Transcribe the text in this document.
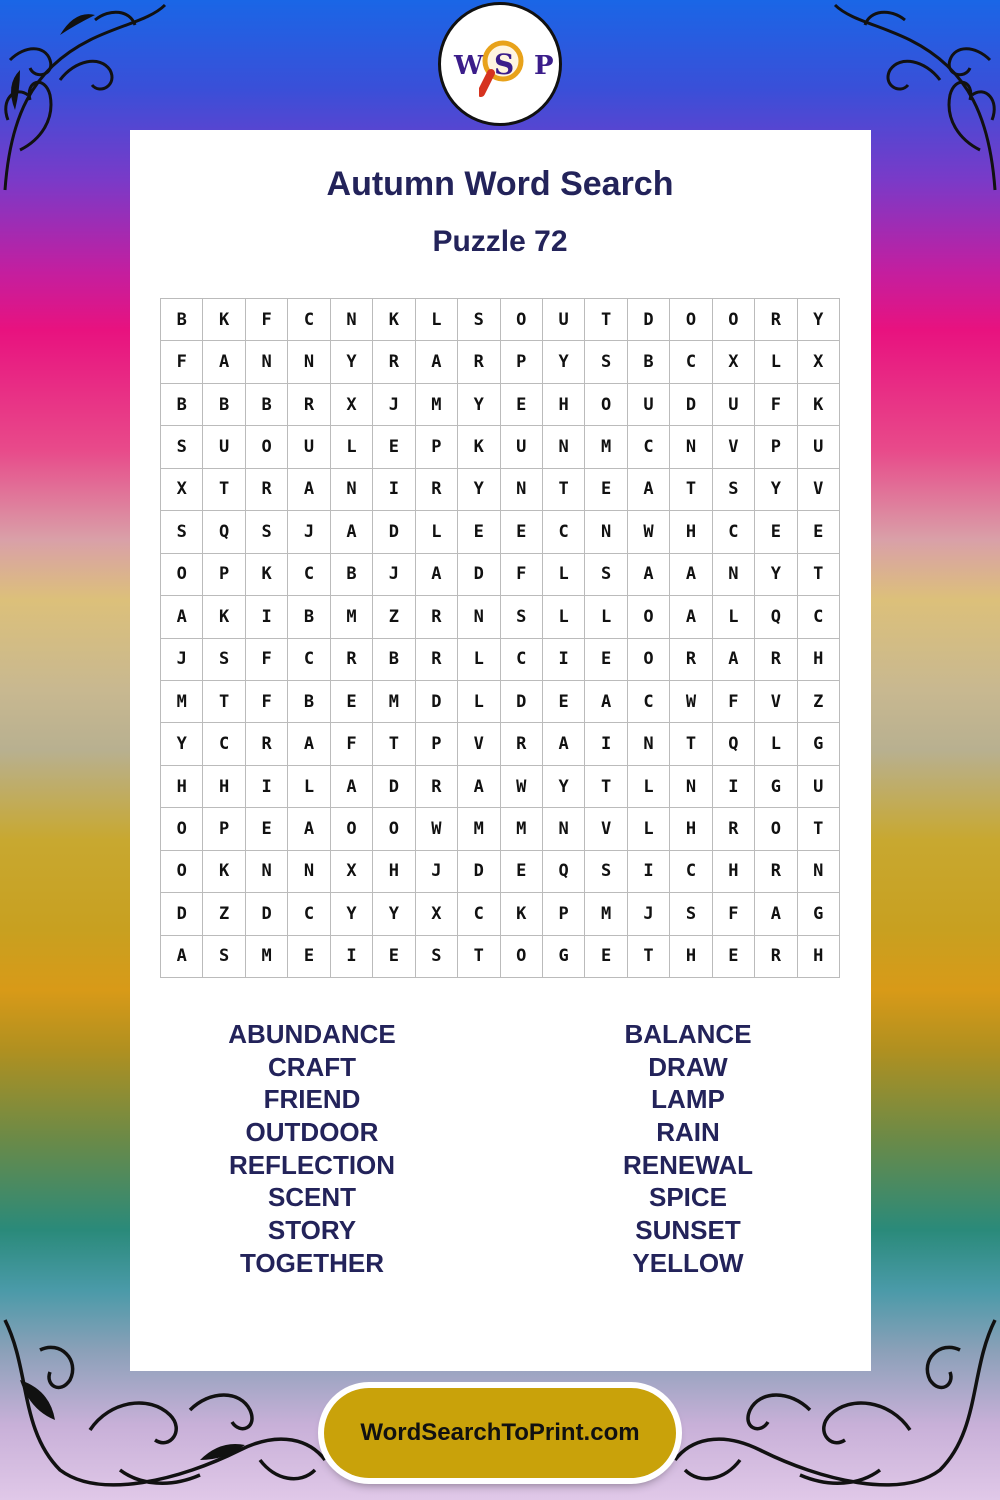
W S P
Autumn Word Search
Puzzle 72
B	K	F	C	N	K	L	S	O	U	T	D	O	O	R	Y
F	A	N	N	Y	R	A	R	P	Y	S	B	C	X	L	X
B	B	B	R	X	J	M	Y	E	H	O	U	D	U	F	K
S	U	O	U	L	E	P	K	U	N	M	C	N	V	P	U
X	T	R	A	N	I	R	Y	N	T	E	A	T	S	Y	V
S	Q	S	J	A	D	L	E	E	C	N	W	H	C	E	E
O	P	K	C	B	J	A	D	F	L	S	A	A	N	Y	T
A	K	I	B	M	Z	R	N	S	L	L	O	A	L	Q	C
J	S	F	C	R	B	R	L	C	I	E	O	R	A	R	H
M	T	F	B	E	M	D	L	D	E	A	C	W	F	V	Z
Y	C	R	A	F	T	P	V	R	A	I	N	T	Q	L	G
H	H	I	L	A	D	R	A	W	Y	T	L	N	I	G	U
O	P	E	A	O	O	W	M	M	N	V	L	H	R	O	T
O	K	N	N	X	H	J	D	E	Q	S	I	C	H	R	N
D	Z	D	C	Y	Y	X	C	K	P	M	J	S	F	A	G
A	S	M	E	I	E	S	T	O	G	E	T	H	E	R	H
ABUNDANCE
CRAFT
FRIEND
OUTDOOR
REFLECTION
SCENT
STORY
TOGETHER
BALANCE
DRAW
LAMP
RAIN
RENEWAL
SPICE
SUNSET
YELLOW
WordSearchToPrint.com
